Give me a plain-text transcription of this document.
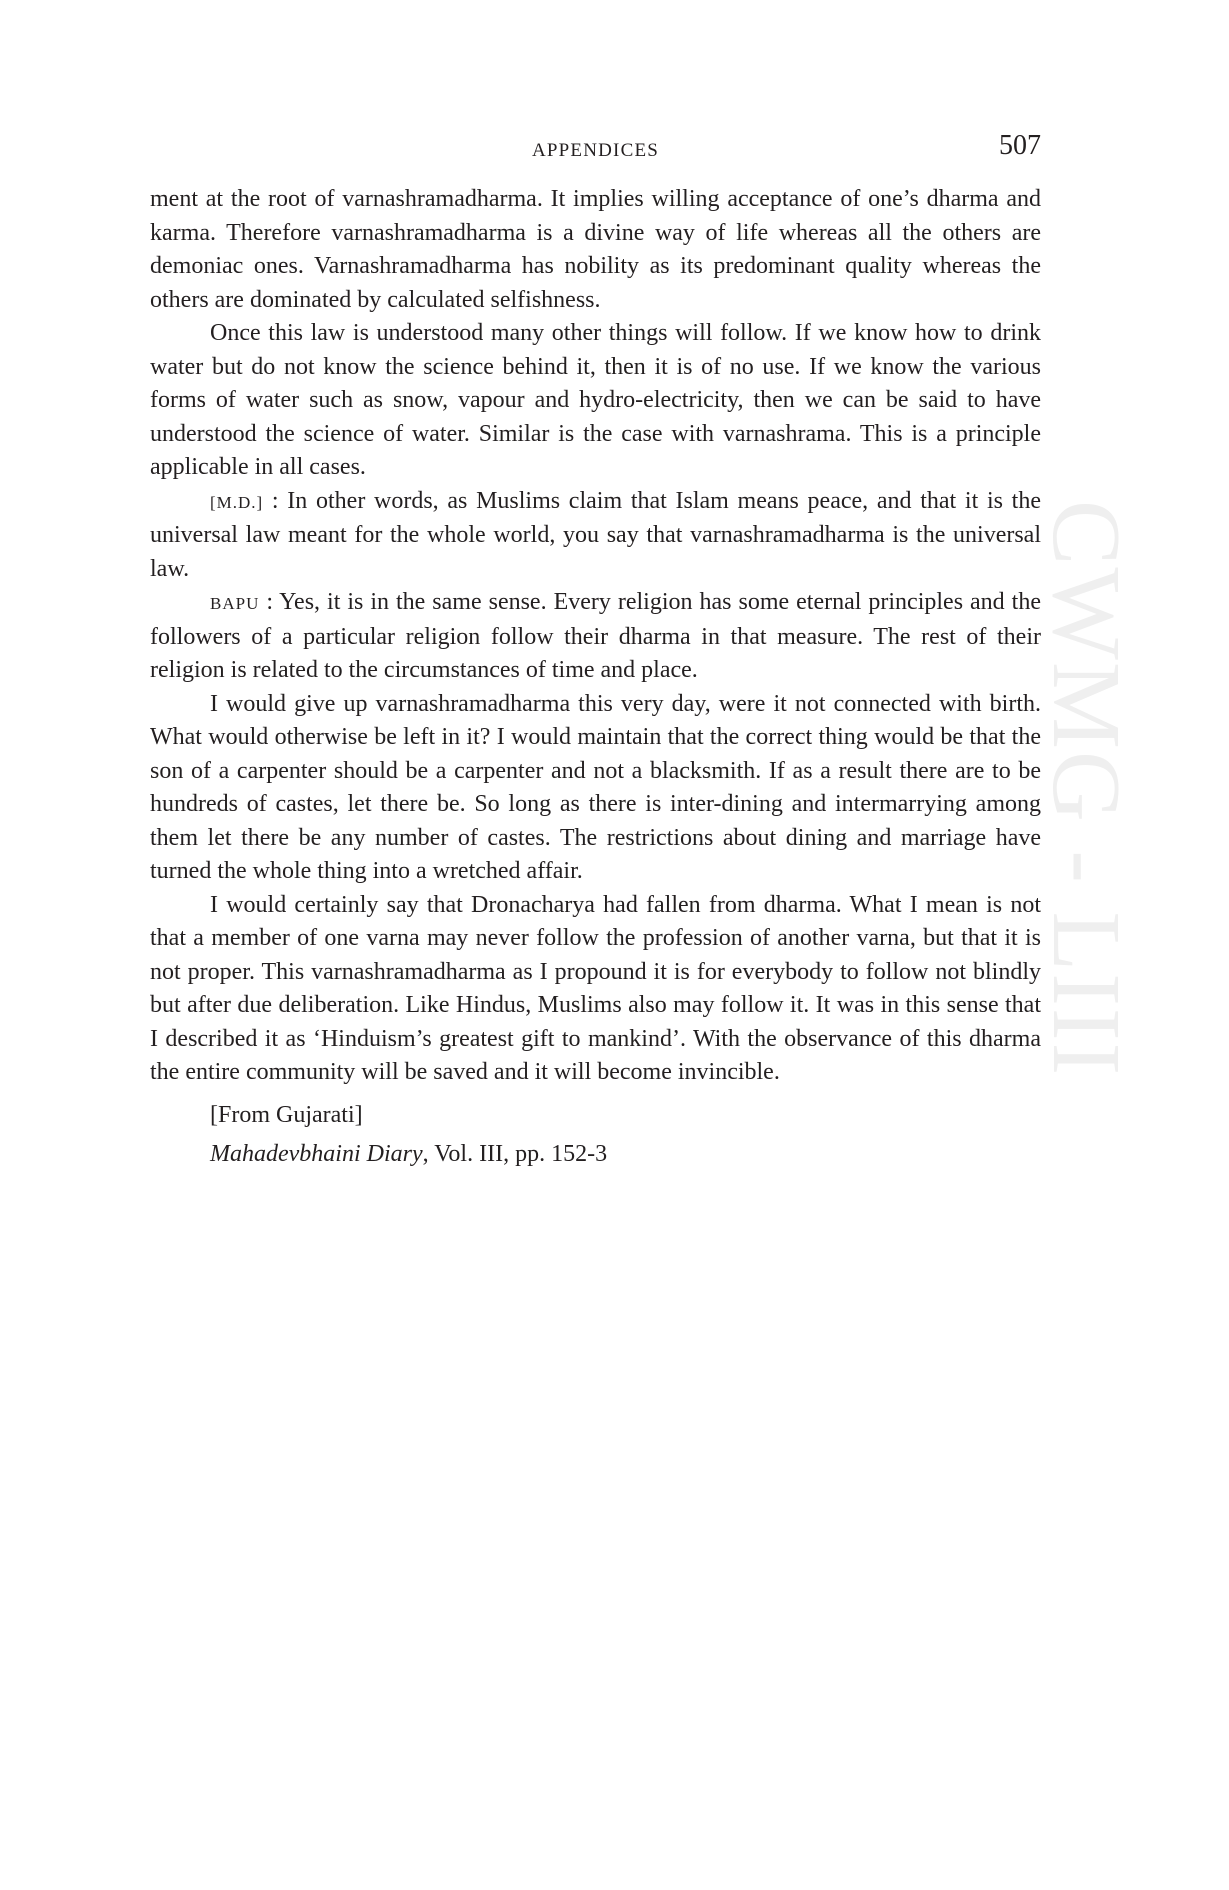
CWMG - LIII
APPENDICES	507

ment at the root of varnashramadharma. It implies willing acceptance of one’s dharma and karma. Therefore varnashramadharma is a divine way of life whereas all the others are demoniac ones. Varnashramadharma has nobility as its predominant quality whereas the others are dominated by calculated selfishness.

Once this law is understood many other things will follow. If we know how to drink water but do not know the science behind it, then it is of no use. If we know the various forms of water such as snow, vapour and hydro-electricity, then we can be said to have understood the science of water. Similar is the case with varnashrama. This is a principle applicable in all cases.

[M.D.] : In other words, as Muslims claim that Islam means peace, and that it is the universal law meant for the whole world, you say that varnashramadharma is the universal law.

BAPU : Yes, it is in the same sense. Every religion has some eternal principles and the followers of a particular religion follow their dharma in that measure. The rest of their religion is related to the circumstances of time and place.

I would give up varnashramadharma this very day, were it not connected with birth. What would otherwise be left in it? I would maintain that the correct thing would be that the son of a carpenter should be a carpenter and not a blacksmith. If as a result there are to be hundreds of castes, let there be. So long as there is inter-dining and intermarrying among them let there be any number of castes. The restrictions about dining and marriage have turned the whole thing into a wretched affair.

I would certainly say that Dronacharya had fallen from dharma. What I mean is not that a member of one varna may never follow the profession of another varna, but that it is not proper. This varnashramadharma as I propound it is for everybody to follow not blindly but after due deliberation. Like Hindus, Muslims also may follow it. It was in this sense that I described it as ‘Hinduism’s greatest gift to mankind’. With the observance of this dharma the entire community will be saved and it will become invincible.

[From Gujarati]

Mahadevbhaini Diary, Vol. III, pp. 152-3
